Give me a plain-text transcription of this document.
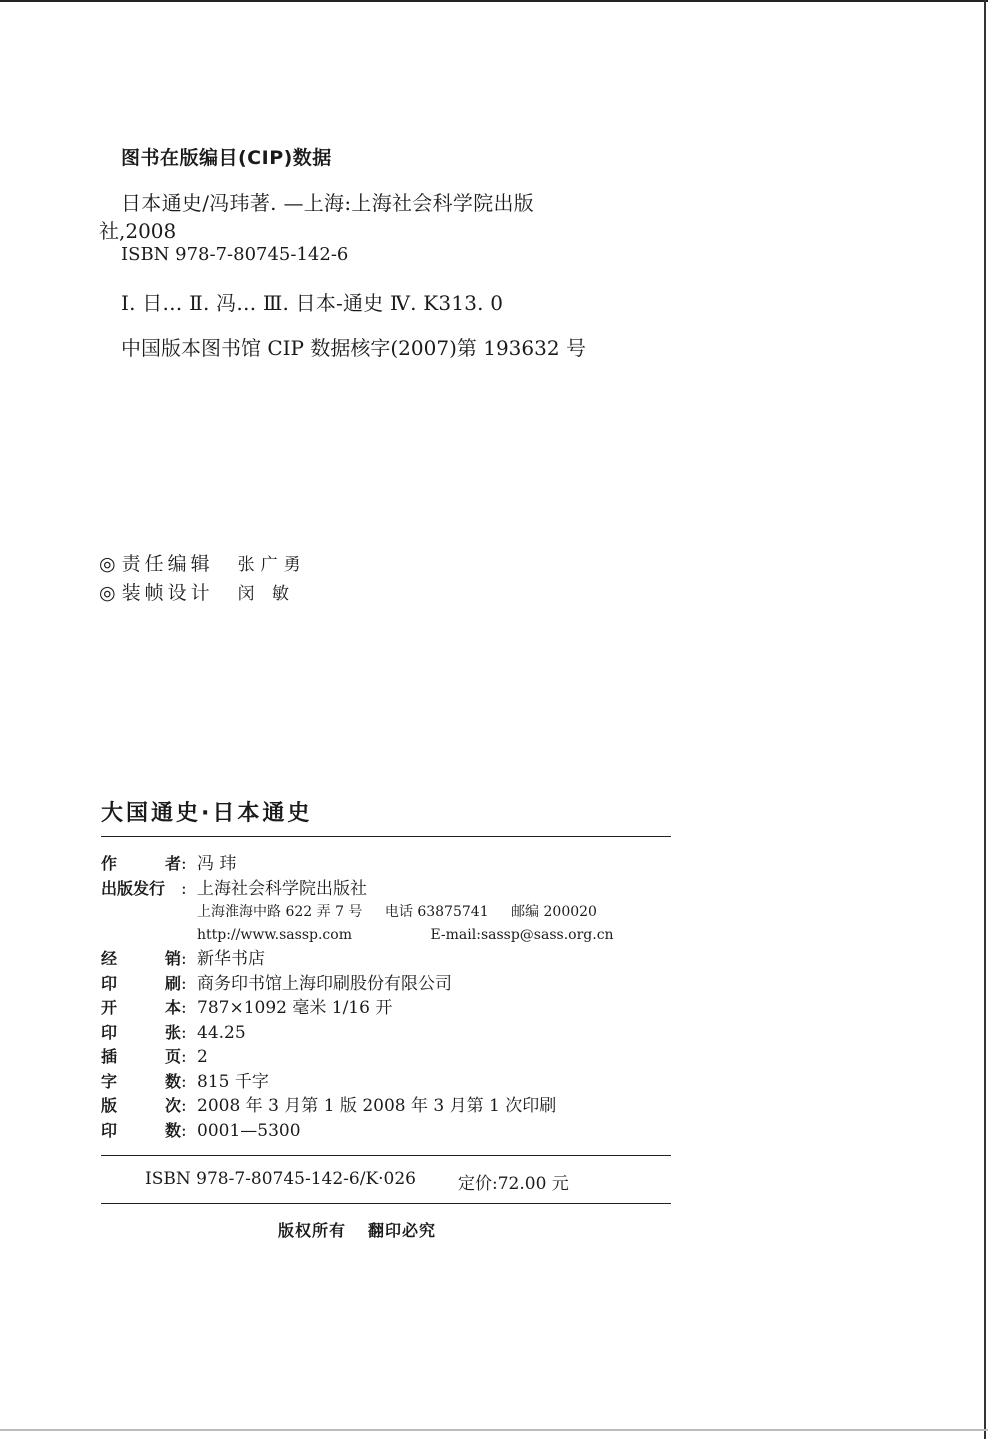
图书在版编目(CIP)数据
日本通史/冯玮著. —上海:上海社会科学院出版
社,2008
ISBN 978-7-80745-142-6
Ⅰ. 日… Ⅱ. 冯… Ⅲ. 日本-通史 Ⅳ. K313. 0
中国版本图书馆 CIP 数据核字(2007)第 193632 号
◎ 责任编辑 张广勇
◎ 装帧设计 闵 敏
大国通史·日本通史
作	者 : 冯 玮
出版发行 : 上海社会科学院出版社
上海淮海中路 622 弄 7 号 电话 63875741 邮编 200020
http://www.sassp.com	E-mail:sassp@sass.org.cn
经	销 : 新华书店
印	刷 : 商务印书馆上海印刷股份有限公司
开	本 : 787×1092 毫米 1/16 开
印	张 : 44.25
插	页 : 2
字	数 : 815 千字
版	次 : 2008 年 3 月第 1 版 2008 年 3 月第 1 次印刷
印	数 : 0001—5300
ISBN 978-7-80745-142-6/K·026 定价:72.00 元
版权所有 翻印必究
